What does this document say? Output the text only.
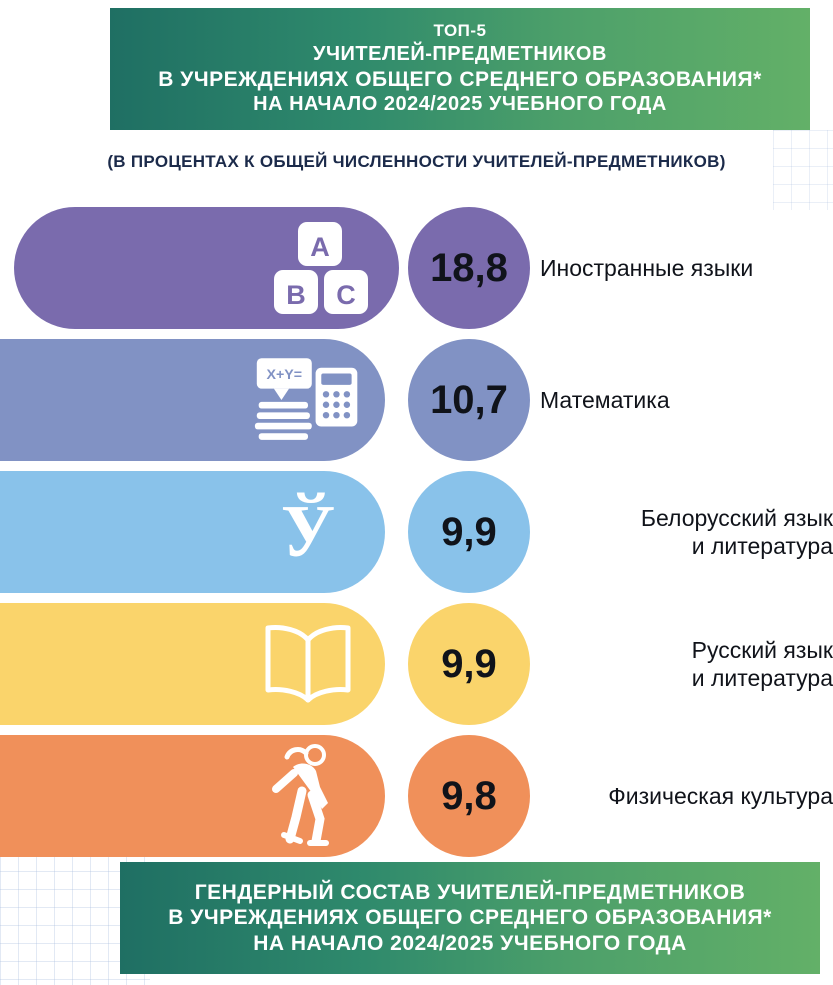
ТОП-5
УЧИТЕЛЕЙ-ПРЕДМЕТНИКОВ
В УЧРЕЖДЕНИЯХ ОБЩЕГО СРЕДНЕГО ОБРАЗОВАНИЯ*
НА НАЧАЛО 2024/2025 УЧЕБНОГО ГОДА
(В ПРОЦЕНТАХ К ОБЩЕЙ ЧИСЛЕННОСТИ УЧИТЕЛЕЙ-ПРЕДМЕТНИКОВ)
A
B C
18,8	Иностранные языки
X+Y=
10,7	Математика
Ў	9,9	Белорусский язык
и литература
9,9	Русский язык
и литература
9,8	Физическая культура
ГЕНДЕРНЫЙ СОСТАВ УЧИТЕЛЕЙ-ПРЕДМЕТНИКОВ
В УЧРЕЖДЕНИЯХ ОБЩЕГО СРЕДНЕГО ОБРАЗОВАНИЯ*
НА НАЧАЛО 2024/2025 УЧЕБНОГО ГОДА
